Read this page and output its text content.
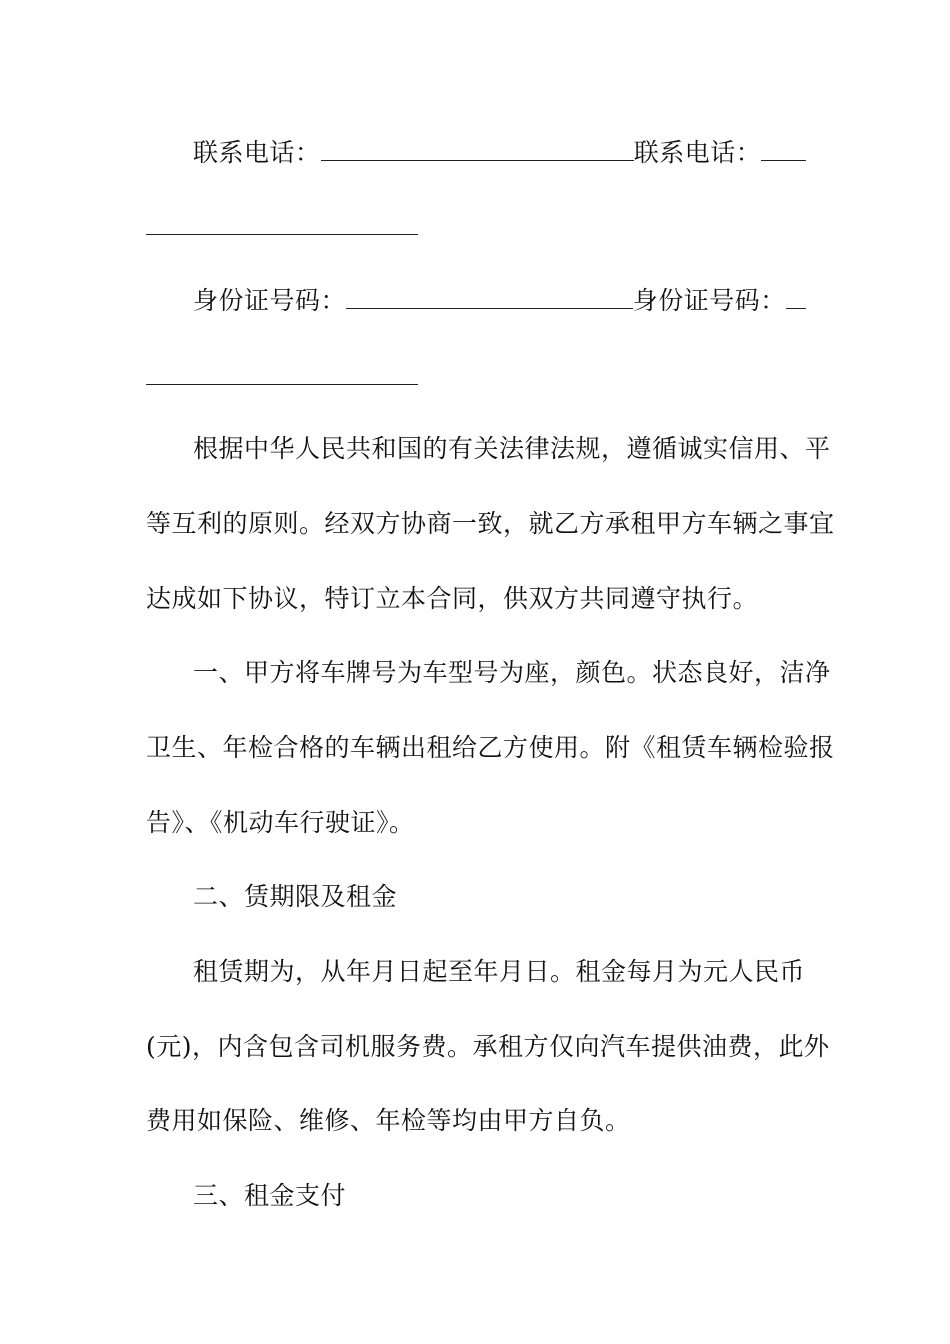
联系电话：	联系电话：
身份证号码：	身份证号码：
根据中华人民共和国的有关法律法规，遵循诚实信用、平
等互利的原则。经双方协商一致，就乙方承租甲方车辆之事宜
达成如下协议，特订立本合同，供双方共同遵守执行。
一、甲方将车牌号为车型号为座，颜色。状态良好，洁净
卫生、年检合格的车辆出租给乙方使用。附《租赁车辆检验报
告》、《机动车行驶证》。
二、赁期限及租金
租赁期为，从年月日起至年月日。租金每月为元人民币
(元)，内含包含司机服务费。承租方仅向汽车提供油费，此外
费用如保险、维修、年检等均由甲方自负。
三、租金支付
